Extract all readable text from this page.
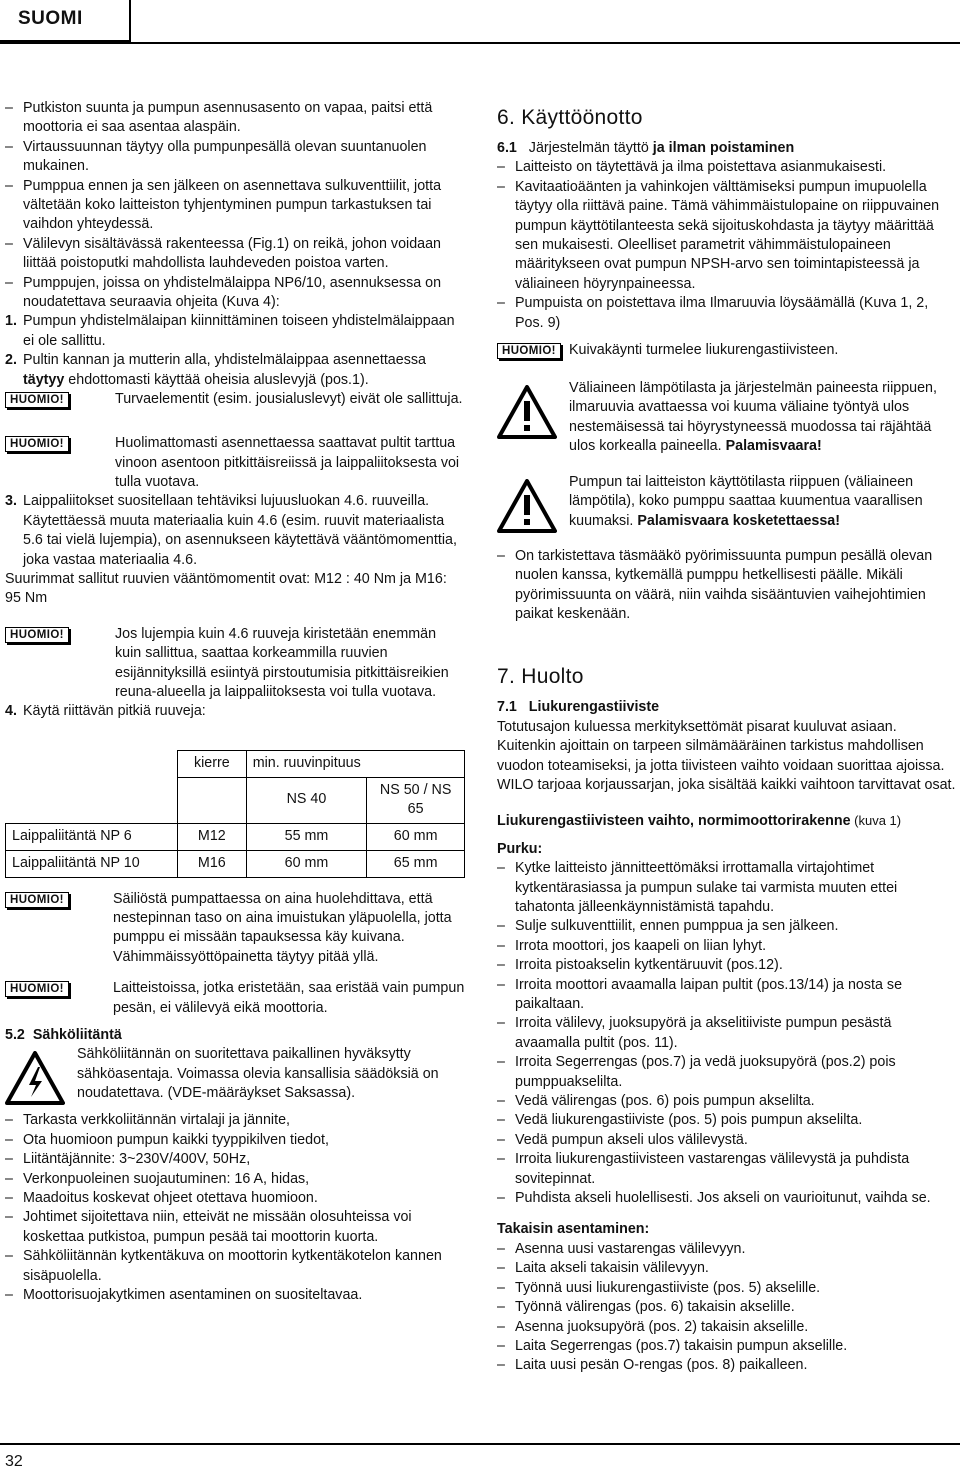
SUOMI

– Putkiston suunta ja pumpun asennusasento on vapaa, paitsi että moottoria ei saa asentaa alaspäin.

– Virtaussuunnan täytyy olla pumpunpesällä olevan suuntanuolen mukainen.

– Pumppua ennen ja sen jälkeen on asennettava sulkuventtiilit, jotta vältetään koko laitteiston tyhjentyminen pumpun tarkastuksen tai vaihdon yhteydessä.

– Välilevyn sisältävässä rakenteessa (Fig.1) on reikä, johon voidaan liittää poistoputki mahdollista lauhdeveden poistoa varten.

– Pumppujen, joissa on yhdistelmälaippa NP6/10, asennuksessa on noudatettava seuraavia ohjeita (Kuva 4):

1. Pumpun yhdistelmälaipan kiinnittäminen toiseen yhdistelmälaippaan ei ole sallittu.
2. Pultin kannan ja mutterin alla, yhdistelmälaippaa asennettaessa täytyy ehdottomasti käyttää oheisia aluslevyjä (pos.1).
HUOMIO!	Turvaelementit (esim. jousialuslevyt) eivät ole sallittuja.
HUOMIO!	Huolimattomasti asennettaessa saattavat pultit tarttua vinoon asentoon pitkittäisreiissä ja laippaliitoksesta voi tulla vuotava.
3. Laippaliitokset suositellaan tehtäviksi lujuusluokan 4.6. ruuveilla. Käytettäessä muuta materiaalia kuin 4.6 (esim. ruuvit materiaalista 5.6 tai vielä lujempia), on asennukseen käytettävä vääntömomenttia, joka vastaa materiaalia 4.6.

Suurimmat sallitut ruuvien vääntömomentit ovat: M12 : 40 Nm ja M16: 95 Nm

HUOMIO!	Jos lujempia kuin 4.6 ruuveja kiristetään enemmän kuin sallittua, saattaa korkeammilla ruuvien esijännityksillä esiintyä pirstoutumisia pitkittäisreikien reuna-alueella ja laippaliitoksesta voi tulla vuotava.
4. Käytä riittävän pitkiä ruuveja:
	kierre	min. ruuvinpituus	
		NS 40	NS 50 / NS 65
Laippaliitäntä NP 6	M12	55 mm	60 mm
Laippaliitäntä NP 10	M16	60 mm	65 mm
HUOMIO!	Säiliöstä pumpattaessa on aina huolehdittava, että nestepinnan taso on aina imuistukan yläpuolella, jotta pumppu ei missään tapauksessa käy kuivana. Vähimmäissyöttöpainetta täytyy pitää yllä.
HUOMIO!	Laitteistoissa, jotka eristetään, saa eristää vain pumpun pesän, ei välilevyä eikä moottoria.
5.2 Sähköliitäntä
Sähköliitännän on suoritettava paikallinen hyväksytty sähköasentaja. Voimassa olevia kansallisia säädöksiä on noudatettava. (VDE-määräykset Saksassa).

– Tarkasta verkkoliitännän virtalaji ja jännite,

– Ota huomioon pumpun kaikki tyyppikilven tiedot,

– Liitäntäjännite: 3~230V/400V, 50Hz,

– Verkonpuoleinen suojautuminen: 16 A, hidas,

– Maadoitus koskevat ohjeet otettava huomioon.

– Johtimet sijoitettava niin, etteivät ne missään olosuhteissa voi koskettaa putkistoa, pumpun pesää tai moottorin kuorta.

– Sähköliitännän kytkentäkuva on moottorin kytkentäkotelon kannen sisäpuolella.

– Moottorisuojakytkimen asentaminen on suositeltavaa.

6. Käyttöönotto
6.1 Järjestelmän täyttö ja ilman poistaminen

– Laitteisto on täytettävä ja ilma poistettava asianmukaisesti.

– Kavitaatioäänten ja vahinkojen välttämiseksi pumpun imupuolella täytyy olla riittävä paine. Tämä vähimmäistulopaine on riippuvainen pumpun käyttötilanteesta sekä sijoituskohdasta ja täytyy määrittää sen mukaisesti. Oleelliset parametrit vähimmäistulopaineen määritykseen ovat pumpun NPSH-arvo sen toimintapisteessä ja väliaineen höyrynpaineessa.

– Pumpuista on poistettava ilma Ilmaruuvia löysäämällä (Kuva 1, 2, Pos. 9)

HUOMIO! Kuivakäynti turmelee liukurengastiivisteen.
Väliaineen lämpötilasta ja järjestelmän paineesta riippuen, ilmaruuvia avattaessa voi kuuma väliaine työntyä ulos nestemäisessä tai höyrystyneessä muodossa tai räjähtää ulos korkealla paineella. Palamisvaara!
Pumpun tai laitteiston käyttötilasta riippuen (väliaineen lämpötila), koko pumppu saattaa kuumentua vaarallisen kuumaksi. Palamisvaara kosketettaessa!

– On tarkistettava täsmääkö pyörimissuunta pumpun pesällä olevan nuolen kanssa, kytkemällä pumppu hetkellisesti päälle. Mikäli pyörimissuunta on väärä, niin vaihda sisääntuvien vaihejohtimien paikat keskenään.

7. Huolto
7.1 Liukurengastiiviste

Totutusajon kuluessa merkityksettömät pisarat kuuluvat asiaan. Kuitenkin ajoittain on tarpeen silmämääräinen tarkistus mahdollisen vuodon toteamiseksi, ja jotta tiivisteen vaihto voidaan suorittaa ajoissa. WILO tarjoaa korjaussarjan, joka sisältää kaikki vaihtoon tarvittavat osat.

Liukurengastiivisteen vaihto, normimoottorirakenne (kuva 1)
Purku:

– Kytke laitteisto jännitteettömäksi irrottamalla virtajohtimet kytkentärasiassa ja pumpun sulake tai varmista muuten ettei tahatonta jälleenkäynnistämistä tapahdu.

– Sulje sulkuventtiilit, ennen pumppua ja sen jälkeen.

– Irrota moottori, jos kaapeli on liian lyhyt.

– Irroita pistoakselin kytkentäruuvit (pos.12).

– Irroita moottori avaamalla laipan pultit (pos.13/14) ja nosta se paikaltaan.

– Irroita välilevy, juoksupyörä ja akselitiiviste pumpun pesästä avaamalla pultit (pos. 11).

– Irroita Segerrengas (pos.7) ja vedä juoksupyörä (pos.2) pois pumppuakselilta.

– Vedä välirengas (pos. 6) pois pumpun akselilta.

– Vedä liukurengastiiviste (pos. 5) pois pumpun akselilta.

– Vedä pumpun akseli ulos välilevystä.

– Irroita liukurengastiivisteen vastarengas välilevystä ja puhdista sovitepinnat.

– Puhdista akseli huolellisesti. Jos akseli on vaurioitunut, vaihda se.

Takaisin asentaminen:

– Asenna uusi vastarengas välilevyyn.

– Laita akseli takaisin välilevyyn.

– Työnnä uusi liukurengastiiviste (pos. 5) akselille.

– Työnnä välirengas (pos. 6) takaisin akselille.

– Asenna juoksupyörä (pos. 2) takaisin akselille.

– Laita Segerrengas (pos.7) takaisin pumpun akselille.

– Laita uusi pesän O-rengas (pos. 8) paikalleen.

32
